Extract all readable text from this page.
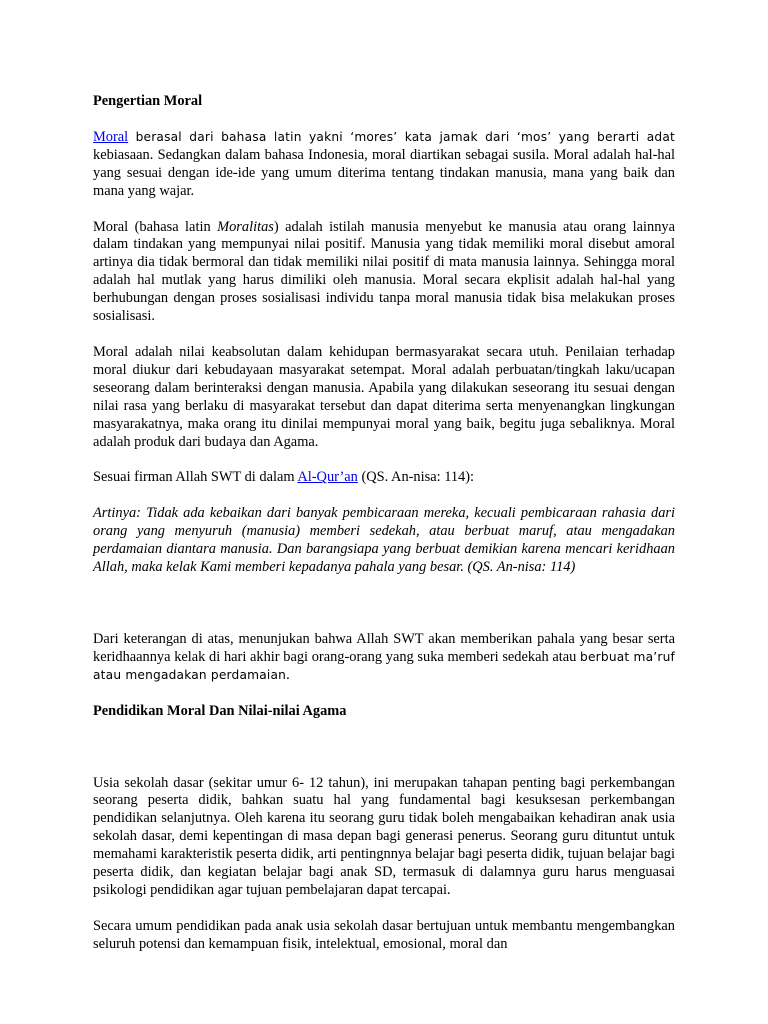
Pengertian Moral
Moral berasal dari bahasa latin yakni ‘mores’ kata jamak dari ‘mos’ yang berarti adat kebiasaan. Sedangkan dalam bahasa Indonesia, moral diartikan sebagai susila. Moral adalah hal-hal yang sesuai dengan ide-ide yang umum diterima tentang tindakan manusia, mana yang baik dan mana yang wajar.
Moral (bahasa latin Moralitas) adalah istilah manusia menyebut ke manusia atau orang lainnya dalam tindakan yang mempunyai nilai positif. Manusia yang tidak memiliki moral disebut amoral artinya dia tidak bermoral dan tidak memiliki nilai positif di mata manusia lainnya. Sehingga moral adalah hal mutlak yang harus dimiliki oleh manusia. Moral secara ekplisit adalah hal-hal yang berhubungan dengan proses sosialisasi individu tanpa moral manusia tidak bisa melakukan proses sosialisasi.
Moral adalah nilai keabsolutan dalam kehidupan bermasyarakat secara utuh. Penilaian terhadap moral diukur dari kebudayaan masyarakat setempat. Moral adalah perbuatan/tingkah laku/ucapan seseorang dalam berinteraksi dengan manusia. Apabila yang dilakukan seseorang itu sesuai dengan nilai rasa yang berlaku di masyarakat tersebut dan dapat diterima serta menyenangkan lingkungan masyarakatnya, maka orang itu dinilai mempunyai moral yang baik, begitu juga sebaliknya. Moral adalah produk dari budaya dan Agama.
Sesuai firman Allah SWT di dalam Al-Qur’an (QS. An-nisa: 114):
Artinya: Tidak ada kebaikan dari banyak pembicaraan mereka, kecuali pembicaraan rahasia dari orang yang menyuruh (manusia) memberi sedekah, atau berbuat maruf, atau mengadakan perdamaian diantara manusia. Dan barangsiapa yang berbuat demikian karena mencari keridhaan Allah, maka kelak Kami memberi kepadanya pahala yang besar. (QS. An-nisa: 114)
Dari keterangan di atas, menunjukan bahwa Allah SWT akan memberikan pahala yang besar serta keridhaannya kelak di hari akhir bagi orang-orang yang suka memberi sedekah atau berbuat ma’ruf atau mengadakan perdamaian.
Pendidikan Moral Dan Nilai-nilai Agama
Usia sekolah dasar (sekitar umur 6- 12 tahun), ini merupakan tahapan penting bagi perkembangan seorang peserta didik, bahkan suatu hal yang fundamental bagi kesuksesan perkembangan pendidikan selanjutnya. Oleh karena itu seorang guru tidak boleh mengabaikan kehadiran anak usia sekolah dasar, demi kepentingan di masa depan bagi generasi penerus. Seorang guru dituntut untuk memahami karakteristik peserta didik, arti pentingnnya belajar bagi peserta didik, tujuan belajar bagi peserta didik, dan kegiatan belajar bagi anak SD, termasuk di dalamnya guru harus menguasai psikologi pendidikan agar tujuan pembelajaran dapat tercapai.
Secara umum pendidikan pada anak usia sekolah dasar bertujuan untuk membantu mengembangkan seluruh potensi dan kemampuan fisik, intelektual, emosional, moral dan
